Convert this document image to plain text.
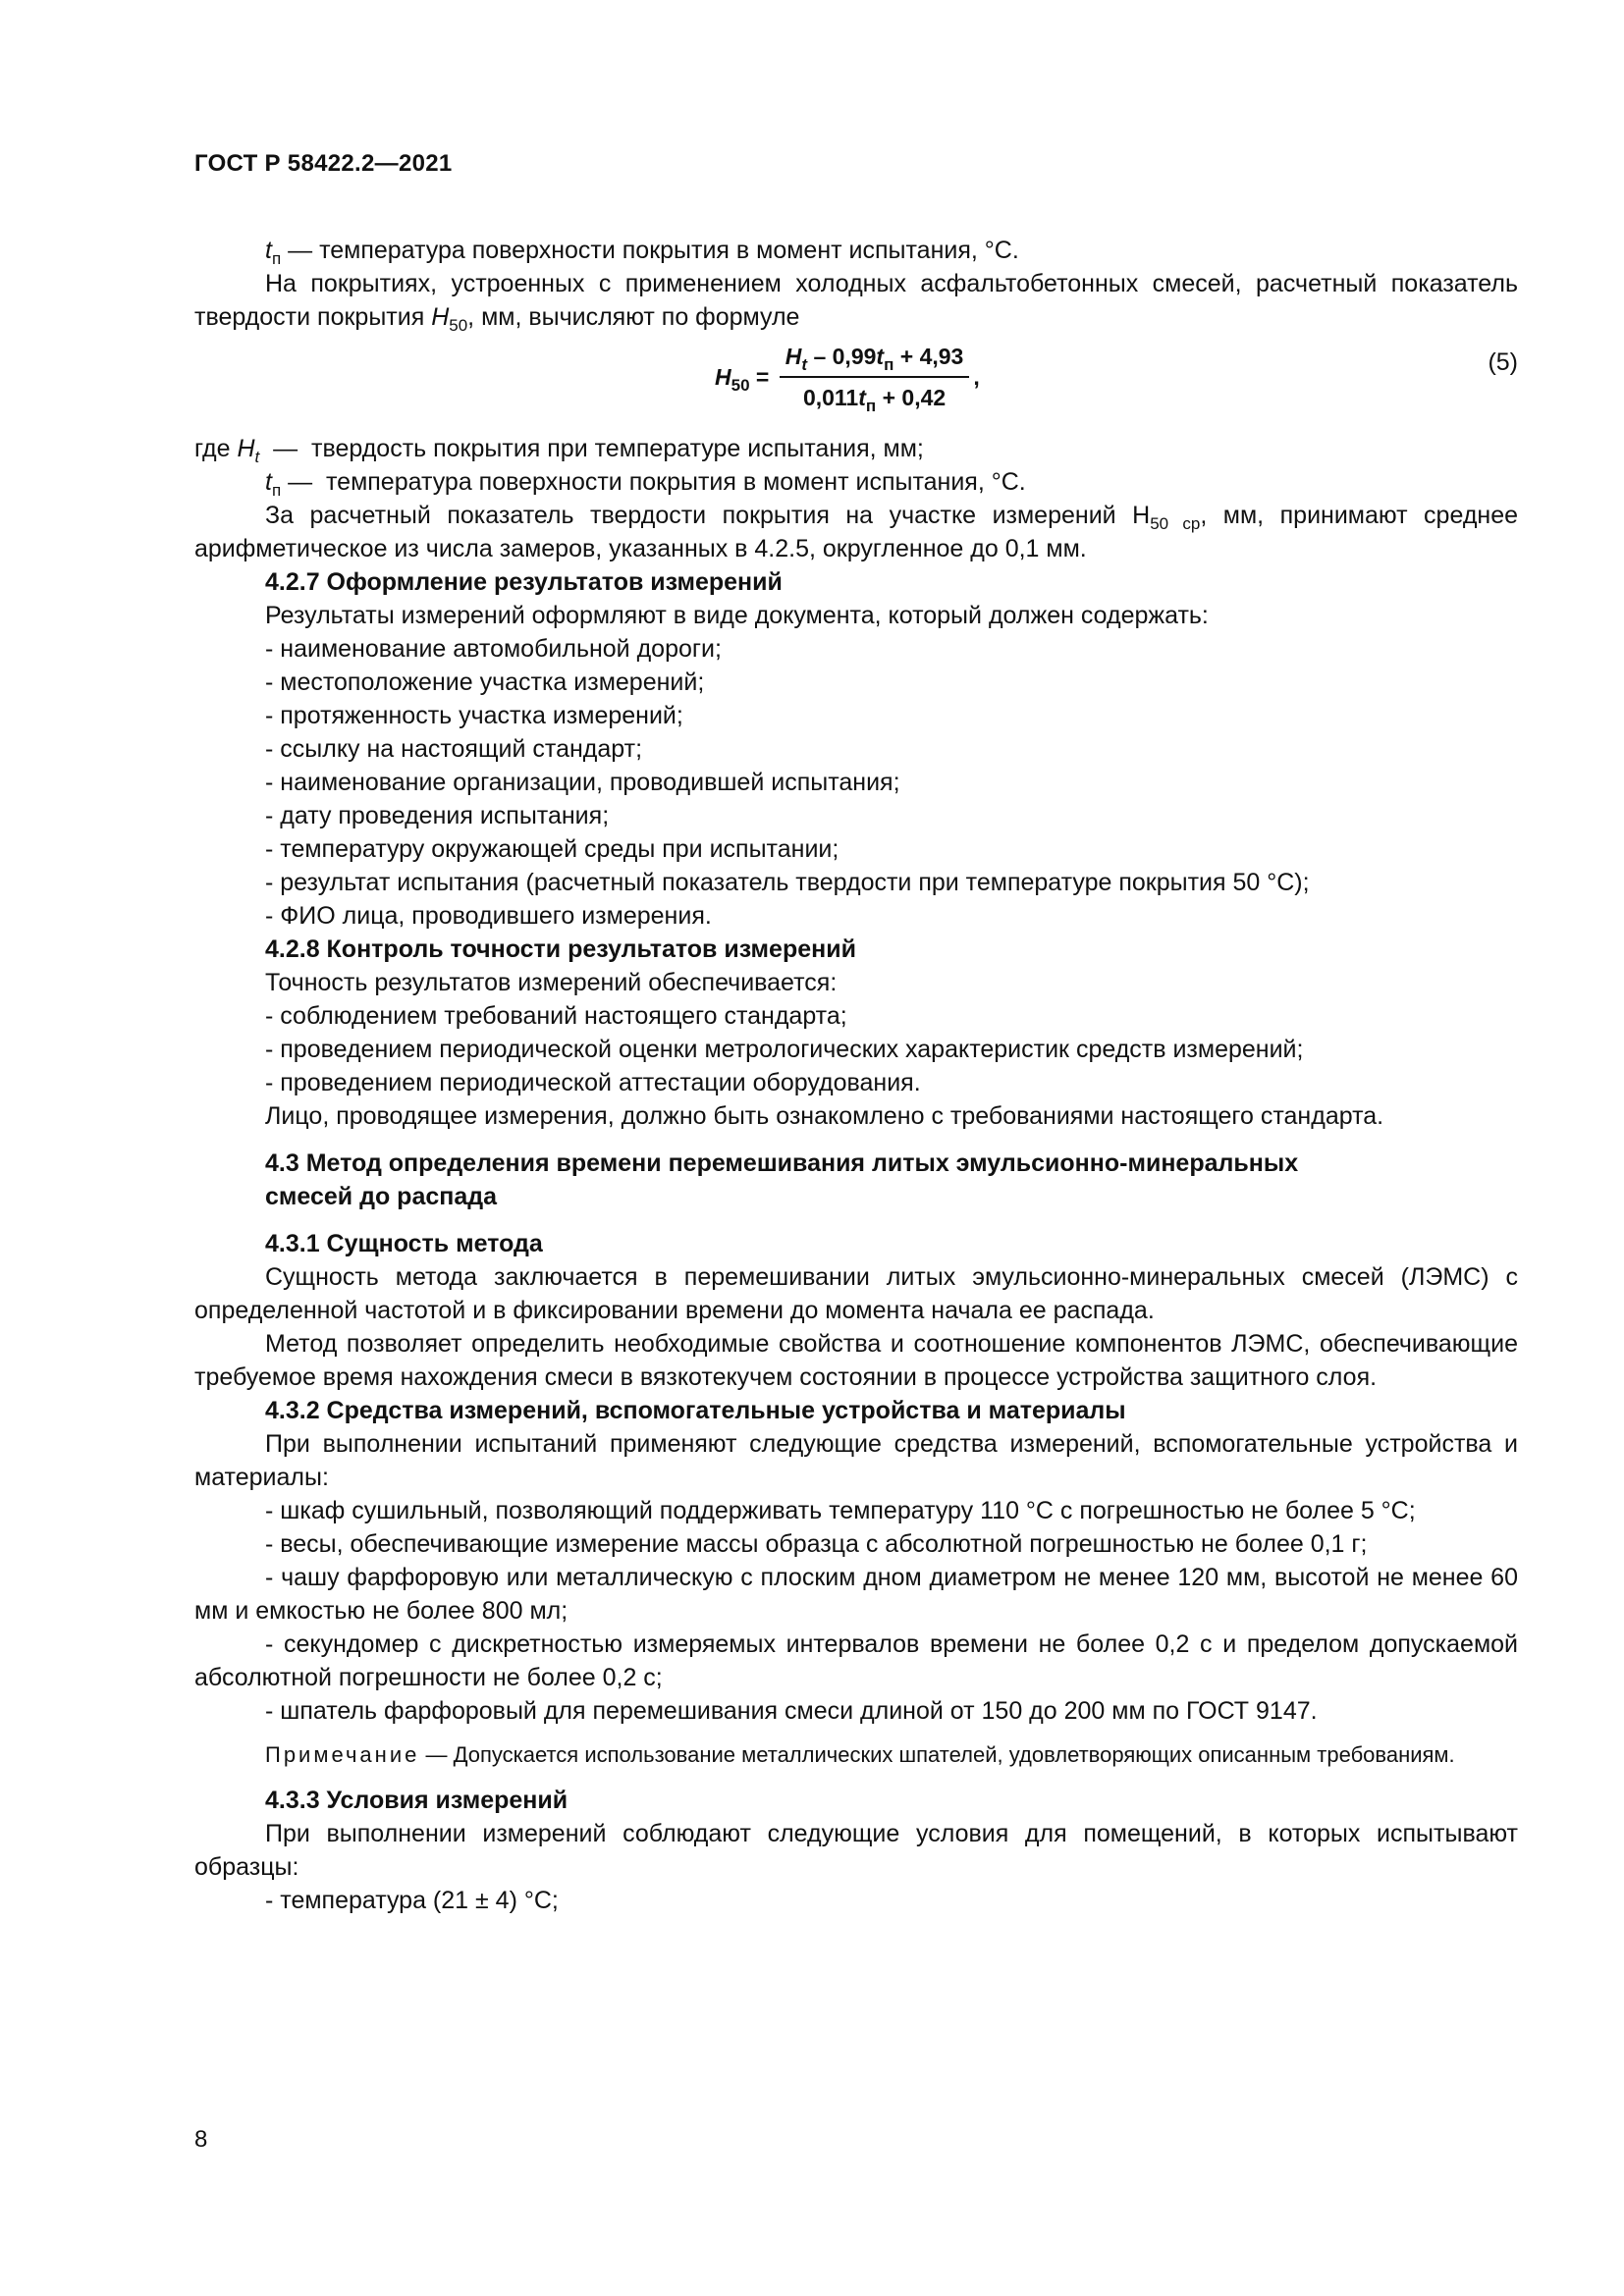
ГОСТ Р 58422.2—2021

$t_п$ — температура поверхности покрытия в момент испытания, °С.

На покрытиях, устроенных с применением холодных асфальтобетонных смесей, расчетный показатель твердости покрытия $H_{50}$, мм, вычисляют по формуле

$H_{50} = \frac{H_t - 0,99t_п + 4,93}{0,011t_п + 0,42}$ ,
(5)

где $H_t$  —  твердость покрытия при температуре испытания, мм;

$t_п$ —  температура поверхности покрытия в момент испытания, °С.

За расчетный показатель твердости покрытия на участке измерений $Н_{50 ср}$, мм, принимают среднее арифметическое из числа замеров, указанных в 4.2.5, округленное до 0,1 мм.

4.2.7 Оформление результатов измерений

Результаты измерений оформляют в виде документа, который должен содержать:

- наименование автомобильной дороги;

- местоположение участка измерений;

- протяженность участка измерений;

- ссылку на настоящий стандарт;

- наименование организации, проводившей испытания;

- дату проведения испытания;

- температуру окружающей среды при испытании;

- результат испытания (расчетный показатель твердости при температуре покрытия 50 °С);

- ФИО лица, проводившего измерения.

4.2.8 Контроль точности результатов измерений

Точность результатов измерений обеспечивается:

- соблюдением требований настоящего стандарта;

- проведением периодической оценки метрологических характеристик средств измерений;

- проведением периодической аттестации оборудования.

Лицо, проводящее измерения, должно быть ознакомлено с требованиями настоящего стандарта.

4.3 Метод определения времени перемешивания литых эмульсионно-минеральных

смесей до распада

4.3.1 Сущность метода

Сущность метода заключается в перемешивании литых эмульсионно-минеральных смесей (ЛЭМС) с определенной частотой и в фиксировании времени до момента начала ее распада.

Метод позволяет определить необходимые свойства и соотношение компонентов ЛЭМС, обеспечивающие требуемое время нахождения смеси в вязкотекучем состоянии в процессе устройства защитного слоя.

4.3.2 Средства измерений, вспомогательные устройства и материалы

При выполнении испытаний применяют следующие средства измерений, вспомогательные устройства и материалы:

- шкаф сушильный, позволяющий поддерживать температуру 110 °С с погрешностью не более 5 °С;

- весы, обеспечивающие измерение массы образца с абсолютной погрешностью не более 0,1 г;

- чашу фарфоровую или металлическую с плоским дном диаметром не менее 120 мм, высотой не менее 60 мм и емкостью не более 800 мл;

- секундомер с дискретностью измеряемых интервалов времени не более 0,2 с и пределом допускаемой абсолютной погрешности не более 0,2 с;

- шпатель фарфоровый для перемешивания смеси длиной от 150 до 200 мм по ГОСТ 9147.

Примечание — Допускается использование металлических шпателей, удовлетворяющих описанным требованиям.

4.3.3 Условия измерений

При выполнении измерений соблюдают следующие условия для помещений, в которых испытывают образцы:

- температура (21 ± 4) °С;

8
